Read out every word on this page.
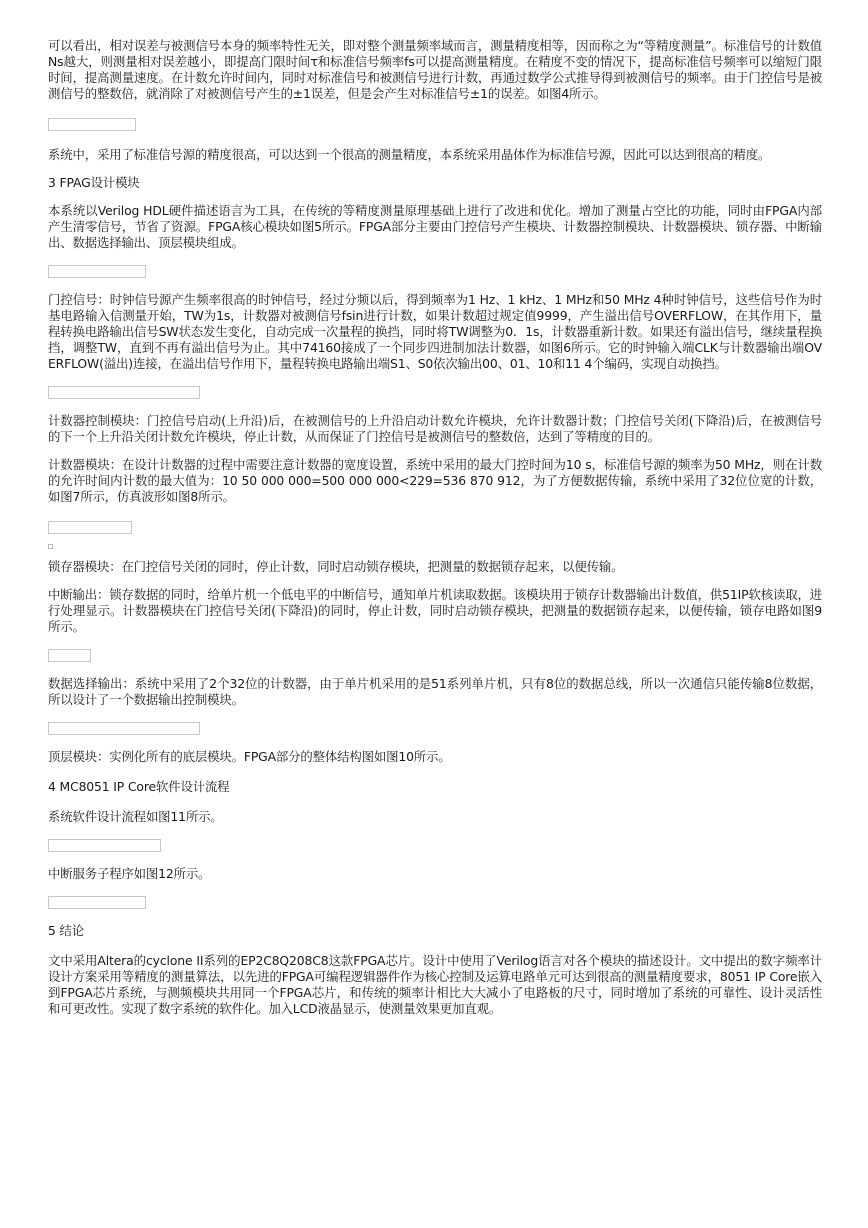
可以看出，相对误差与被测信号本身的频率特性无关，即对整个测量频率域而言，测量精度相等，因而称之为“等精度测量”。标准信号的计数值Ns越大，则测量相对误差越小，即提高门限时间τ和标准信号频率fs可以提高测量精度。在精度不变的情况下，提高标准信号频率可以缩短门限时间，提高测量速度。在计数允许时间内，同时对标准信号和被测信号进行计数，再通过数学公式推导得到被测信号的频率。由于门控信号是被测信号的整数倍，就消除了对被测信号产生的±1误差，但是会产生对标准信号±1的误差。如图4所示。

系统中，采用了标准信号源的精度很高，可以达到一个很高的测量精度，本系统采用晶体作为标准信号源，因此可以达到很高的精度。

3 FPAG设计模块

本系统以Verilog HDL硬件描述语言为工具，在传统的等精度测量原理基础上进行了改进和优化。增加了测量占空比的功能，同时由FPGA内部产生清零信号，节省了资源。FPGA核心模块如图5所示。FPGA部分主要由门控信号产生模块、计数器控制模块、计数器模块、锁存器、中断输出、数据选择输出、顶层模块组成。

门控信号：时钟信号源产生频率很高的时钟信号，经过分频以后，得到频率为1 Hz、1 kHz、1 MHz和50 MHz 4种时钟信号，这些信号作为时基电路输入信测量开始，TW为1s，计数器对被测信号fsin进行计数，如果计数超过规定值9999，产生溢出信号OVERFLOW，在其作用下，量程转换电路输出信号SW状态发生变化，自动完成一次量程的换挡，同时将TW调整为0．1s，计数器重新计数。如果还有溢出信号，继续量程换挡，调整TW，直到不再有溢出信号为止。其中74160接成了一个同步四进制加法计数器，如图6所示。它的时钟输入端CLK与计数器输出端OVERFLOW(溢出)连接，在溢出信号作用下，量程转换电路输出端S1、S0依次输出00、01、10和11 4个编码，实现自动换挡。

计数器控制模块：门控信号启动(上升沿)后，在被测信号的上升沿启动计数允许模块，允许计数器计数；门控信号关闭(下降沿)后，在被测信号的下一个上升沿关闭计数允许模块，停止计数，从而保证了门控信号是被测信号的整数倍，达到了等精度的目的。

计数器模块：在设计计数器的过程中需要注意计数器的宽度设置，系统中采用的最大门控时间为10 s，标准信号源的频率为50 MHz，则在计数的允许时间内计数的最大值为：10 50 000 000=500 000 000<229=536 870 912，为了方便数据传输，系统中采用了32位位宽的计数，如图7所示，仿真波形如图8所示。

锁存器模块：在门控信号关闭的同时，停止计数，同时启动锁存模块，把测量的数据锁存起来，以便传输。

中断输出：锁存数据的同时，给单片机一个低电平的中断信号，通知单片机读取数据。该模块用于锁存计数器输出计数值，供51IP软核读取，进行处理显示。计数器模块在门控信号关闭(下降沿)的同时，停止计数，同时启动锁存模块，把测量的数据锁存起来，以便传输，锁存电路如图9所示。

数据选择输出：系统中采用了2个32位的计数器，由于单片机采用的是51系列单片机，只有8位的数据总线，所以一次通信只能传输8位数据，所以设计了一个数据输出控制模块。

顶层模块：实例化所有的底层模块。FPGA部分的整体结构图如图10所示。

4 MC8051 IP Core软件设计流程

系统软件设计流程如图11所示。

中断服务子程序如图12所示。

5 结论

文中采用Altera的cyclone II系列的EP2C8Q208C8这款FPGA芯片。设计中使用了Verilog语言对各个模块的描述设计。文中提出的数字频率计设计方案采用等精度的测量算法，以先进的FPGA可编程逻辑器件作为核心控制及运算电路单元可达到很高的测量精度要求，8051 IP Core嵌入到FPGA芯片系统，与测频模块共用同一个FPGA芯片，和传统的频率计相比大大减小了电路板的尺寸，同时增加了系统的可靠性、设计灵活性和可更改性。实现了数字系统的软件化。加入LCD液晶显示，使测量效果更加直观。
